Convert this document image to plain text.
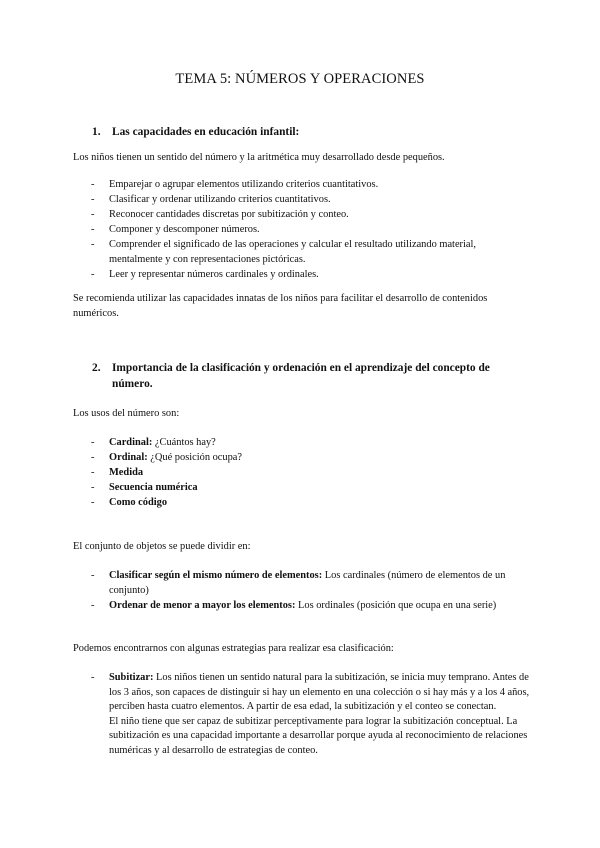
TEMA 5: NÚMEROS Y OPERACIONES
1.	Las capacidades en educación infantil:

Los niños tienen un sentido del número y la aritmética muy desarrollado desde pequeños.

- Emparejar o agrupar elementos utilizando criterios cuantitativos.

- Clasificar y ordenar utilizando criterios cuantitativos.

- Reconocer cantidades discretas por subitización y conteo.

- Componer y descomponer números.

- Comprender el significado de las operaciones y calcular el resultado utilizando material, mentalmente y con representaciones pictóricas.

- Leer y representar números cardinales y ordinales.

Se recomienda utilizar las capacidades innatas de los niños para facilitar el desarrollo de contenidos numéricos.

2.	Importancia de la clasificación y ordenación en el aprendizaje del concepto de número.

Los usos del número son:

- Cardinal: ¿Cuántos hay?

- Ordinal: ¿Qué posición ocupa?

- Medida

- Secuencia numérica

- Como código

El conjunto de objetos se puede dividir en:

- Clasificar según el mismo número de elementos: Los cardinales (número de elementos de un conjunto)

- Ordenar de menor a mayor los elementos: Los ordinales (posición que ocupa en una serie)

Podemos encontrarnos con algunas estrategias para realizar esa clasificación:

- Subitizar: Los niños tienen un sentido natural para la subitización, se inicia muy temprano. Antes de los 3 años, son capaces de distinguir si hay un elemento en una colección o si hay más y a los 4 años, perciben hasta cuatro elementos. A partir de esa edad, la subitización y el conteo se conectan.

El niño tiene que ser capaz de subitizar perceptivamente para lograr la subitización conceptual. La subitización es una capacidad importante a desarrollar porque ayuda al reconocimiento de relaciones numéricas y al desarrollo de estrategias de conteo.
